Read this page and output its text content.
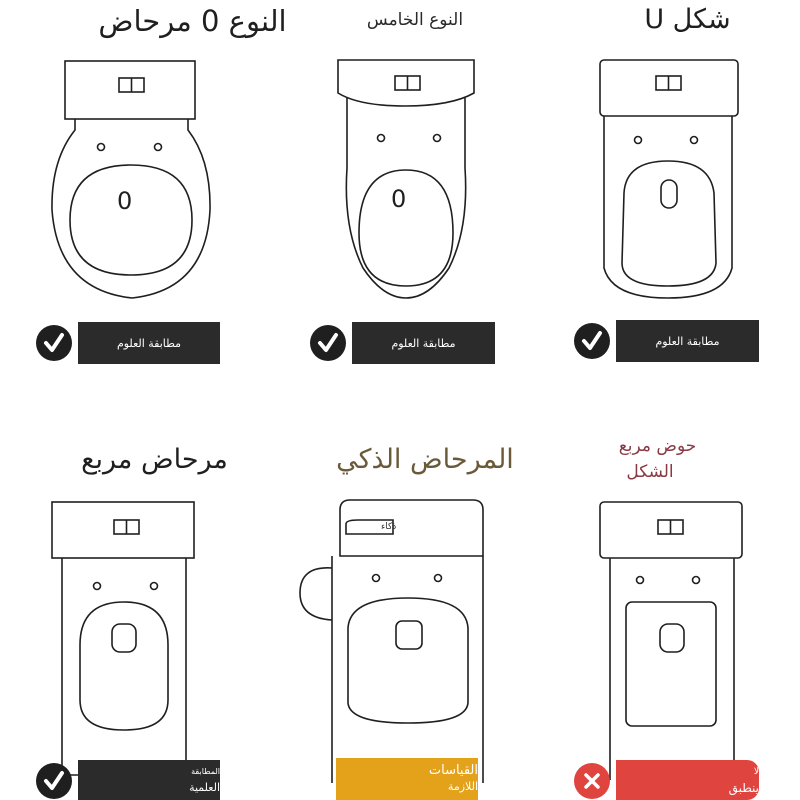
النوع 0 مرحاض	النوع الخامس	شكل U
مرحاض مربع	المرحاض الذكي	حوض مربع
الشكل
0	0
ذكاء
مطابقة العلوم	مطابقة العلوم	مطابقة العلوم
المطابقة
العلمية
القياسات
اللازمة
لا
ينطبق
